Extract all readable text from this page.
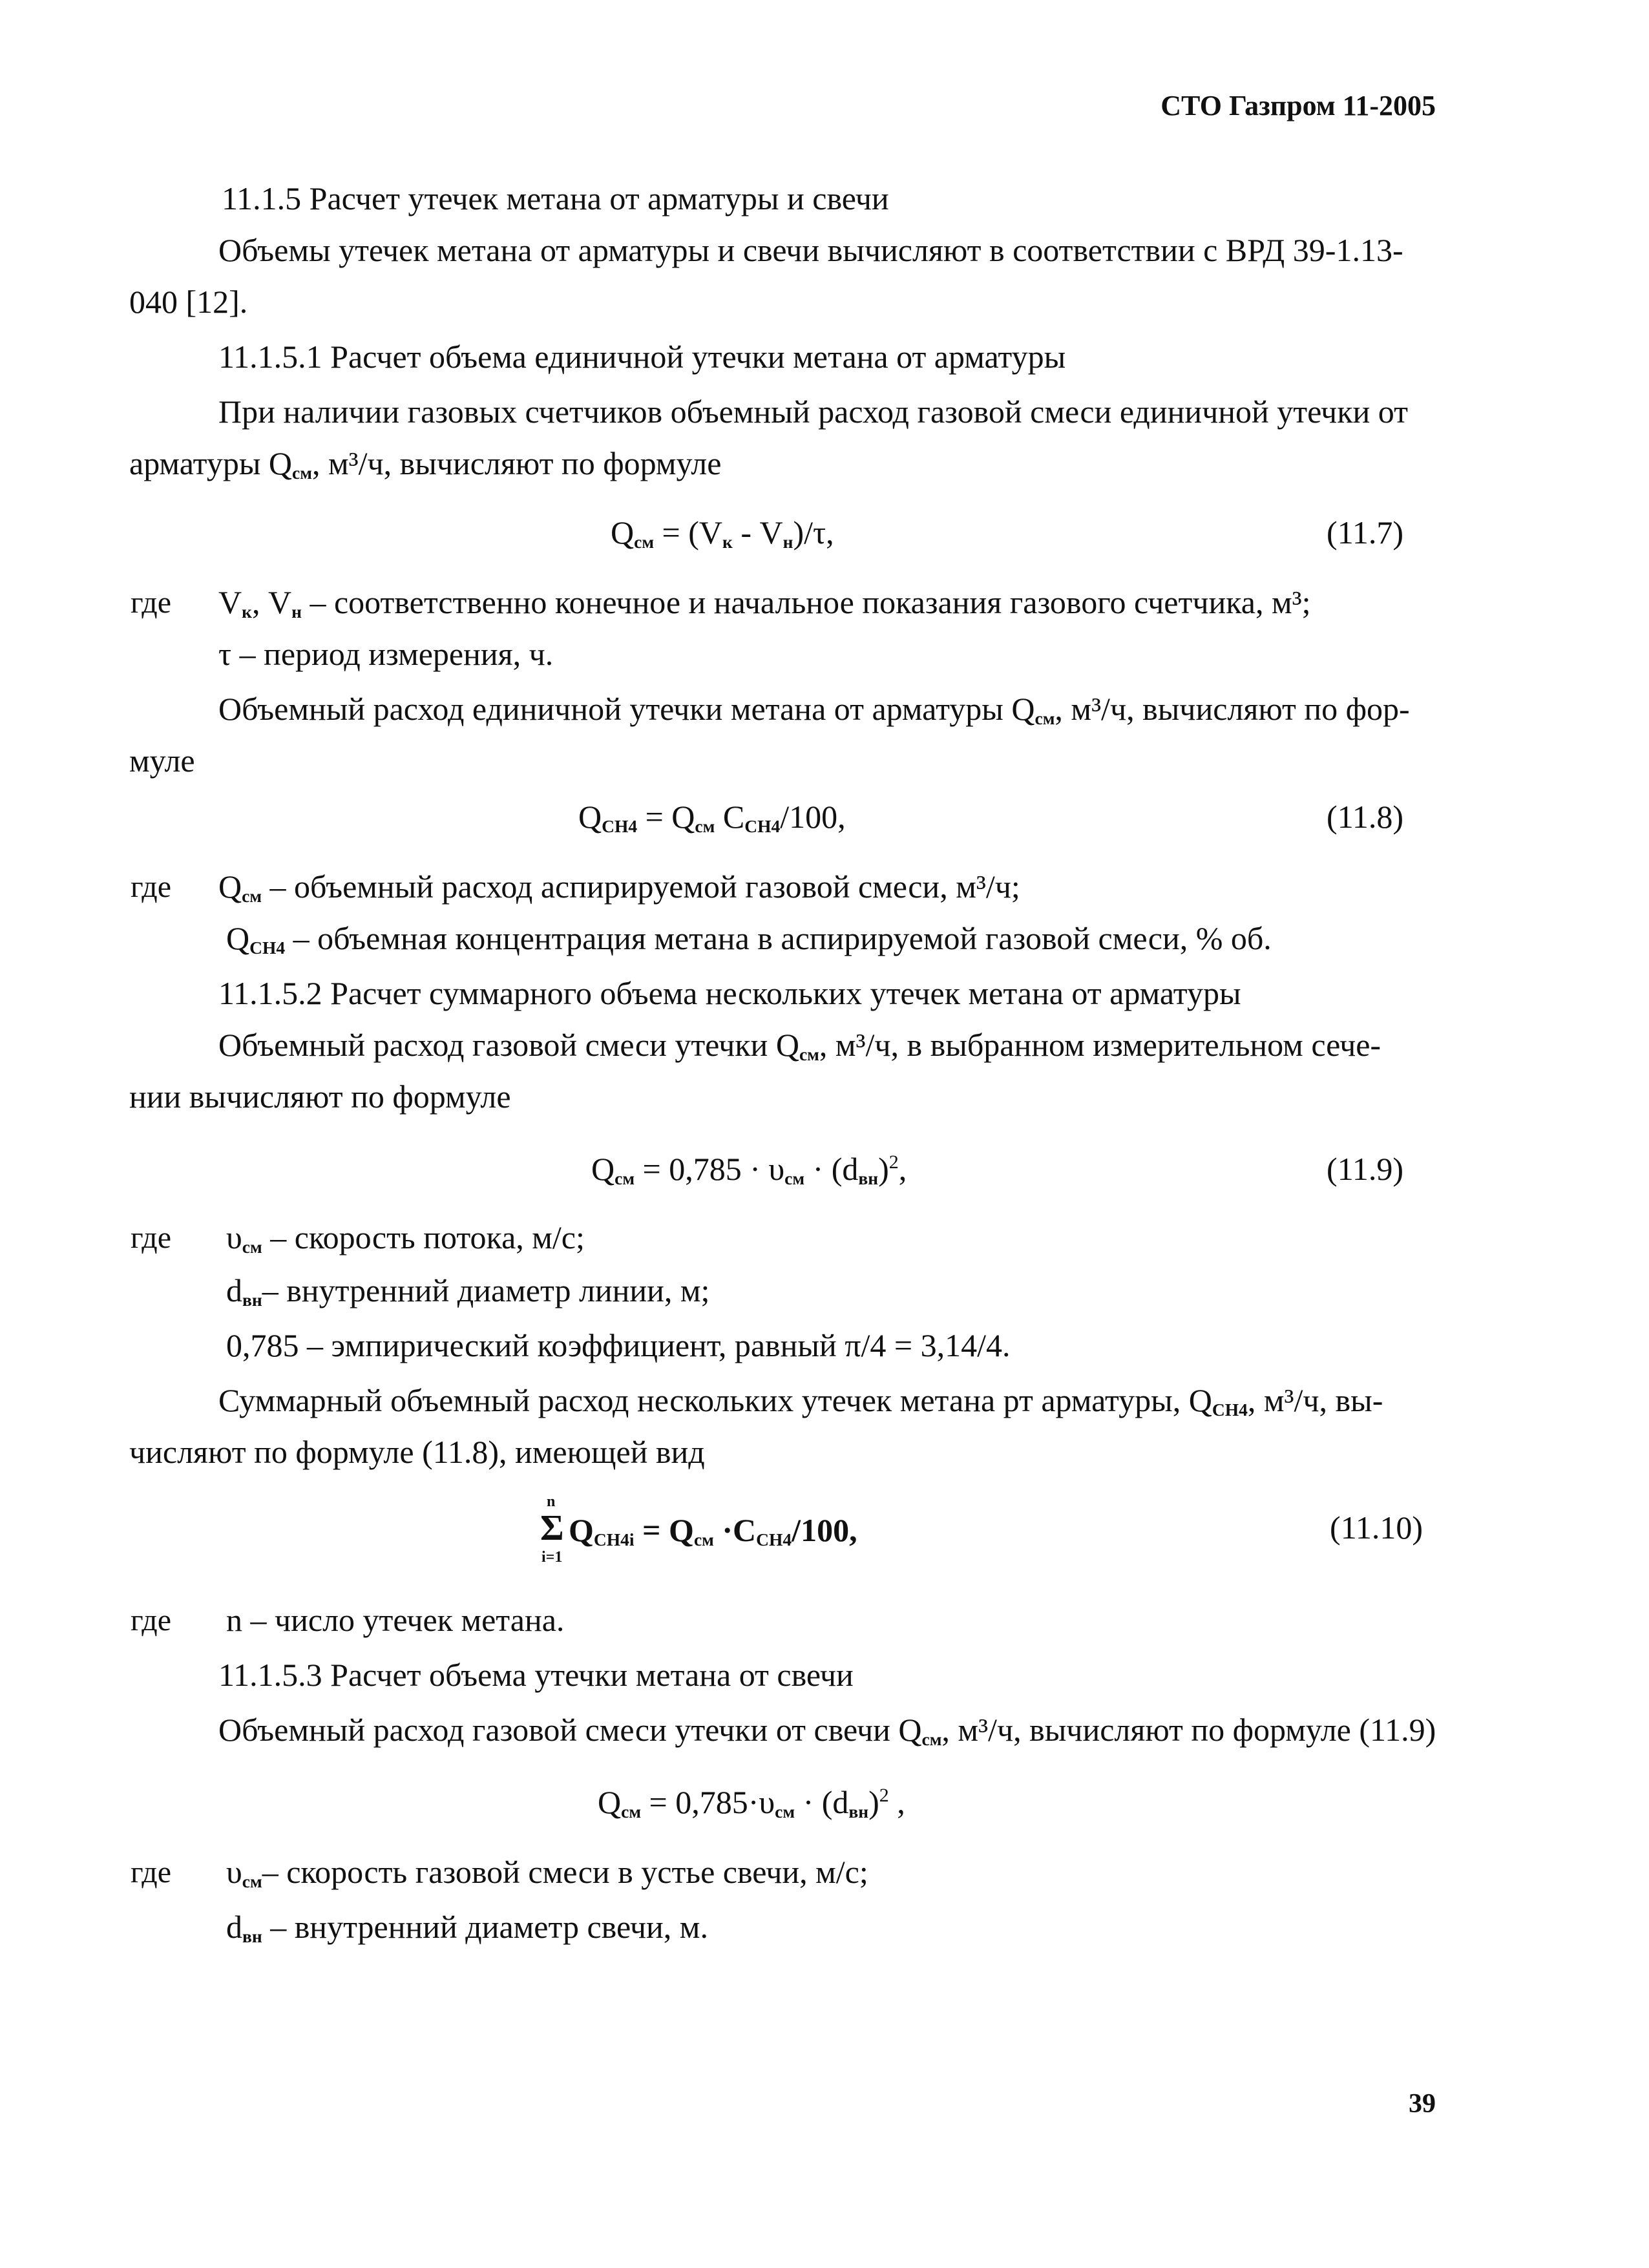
СТО Газпром 11-2005
11.1.5 Расчет утечек метана от арматуры и свечи
Объемы утечек метана от арматуры и свечи вычисляют в соответствии с ВРД 39-1.13-
040 [12].
11.1.5.1 Расчет объема единичной утечки метана от арматуры
При наличии газовых счетчиков объемный расход газовой смеси единичной утечки от
арматуры $Q_{см}$, м³/ч, вычисляют по формуле
$Q_{см} = (V_к - V_н)/\tau$,	(11.7)
где $V_к$, $V_н$ – соответственно конечное и начальное показания газового счетчика, м³;
τ – период измерения, ч.
Объемный расход единичной утечки метана от арматуры $Q_{см}$, м³/ч, вычисляют по фор-
муле
$Q_{CH4} = Q_{см}$ $C_{CH4}/100$,	(11.8)
где $Q_{см}$ – объемный расход аспирируемой газовой смеси, м³/ч;
$Q_{CH4}$ – объемная концентрация метана в аспирируемой газовой смеси, % об.
11.1.5.2 Расчет суммарного объема нескольких утечек метана от арматуры
Объемный расход газовой смеси утечки $Q_{см}$, м³/ч, в выбранном измерительном сече-
нии вычисляют по формуле
$Q_{см} = 0,785 \cdot \upsilon_{см} \cdot (d_{вн})^2$,	(11.9)
где $\upsilon_{см}$ – скорость потока, м/с;
$d_{вн}-$ внутренний диаметр линии, м;
0,785 – эмпирический коэффициент, равный π/4 = 3,14/4.
Суммарный объемный расход нескольких утечек метана рт арматуры, $Q_{CH4}$, м³/ч, вы-
числяют по формуле (11.8), имеющей вид
n
Σ
i=1
$Q_{CH4i} = Q_{см} \cdot C_{CH4}/100$,	(11.10)
где n – число утечек метана.
11.1.5.3 Расчет объема утечки метана от свечи
Объемный расход газовой смеси утечки от свечи $Q_{см}$, м³/ч, вычисляют по формуле (11.9)
$Q_{см} = 0,785\cdot\upsilon_{см} \cdot (d_{вн})^2$ ,
где $\upsilon_{см}-$ скорость газовой смеси в устье свечи, м/с;
$d_{вн}$ – внутренний диаметр свечи, м.
39
